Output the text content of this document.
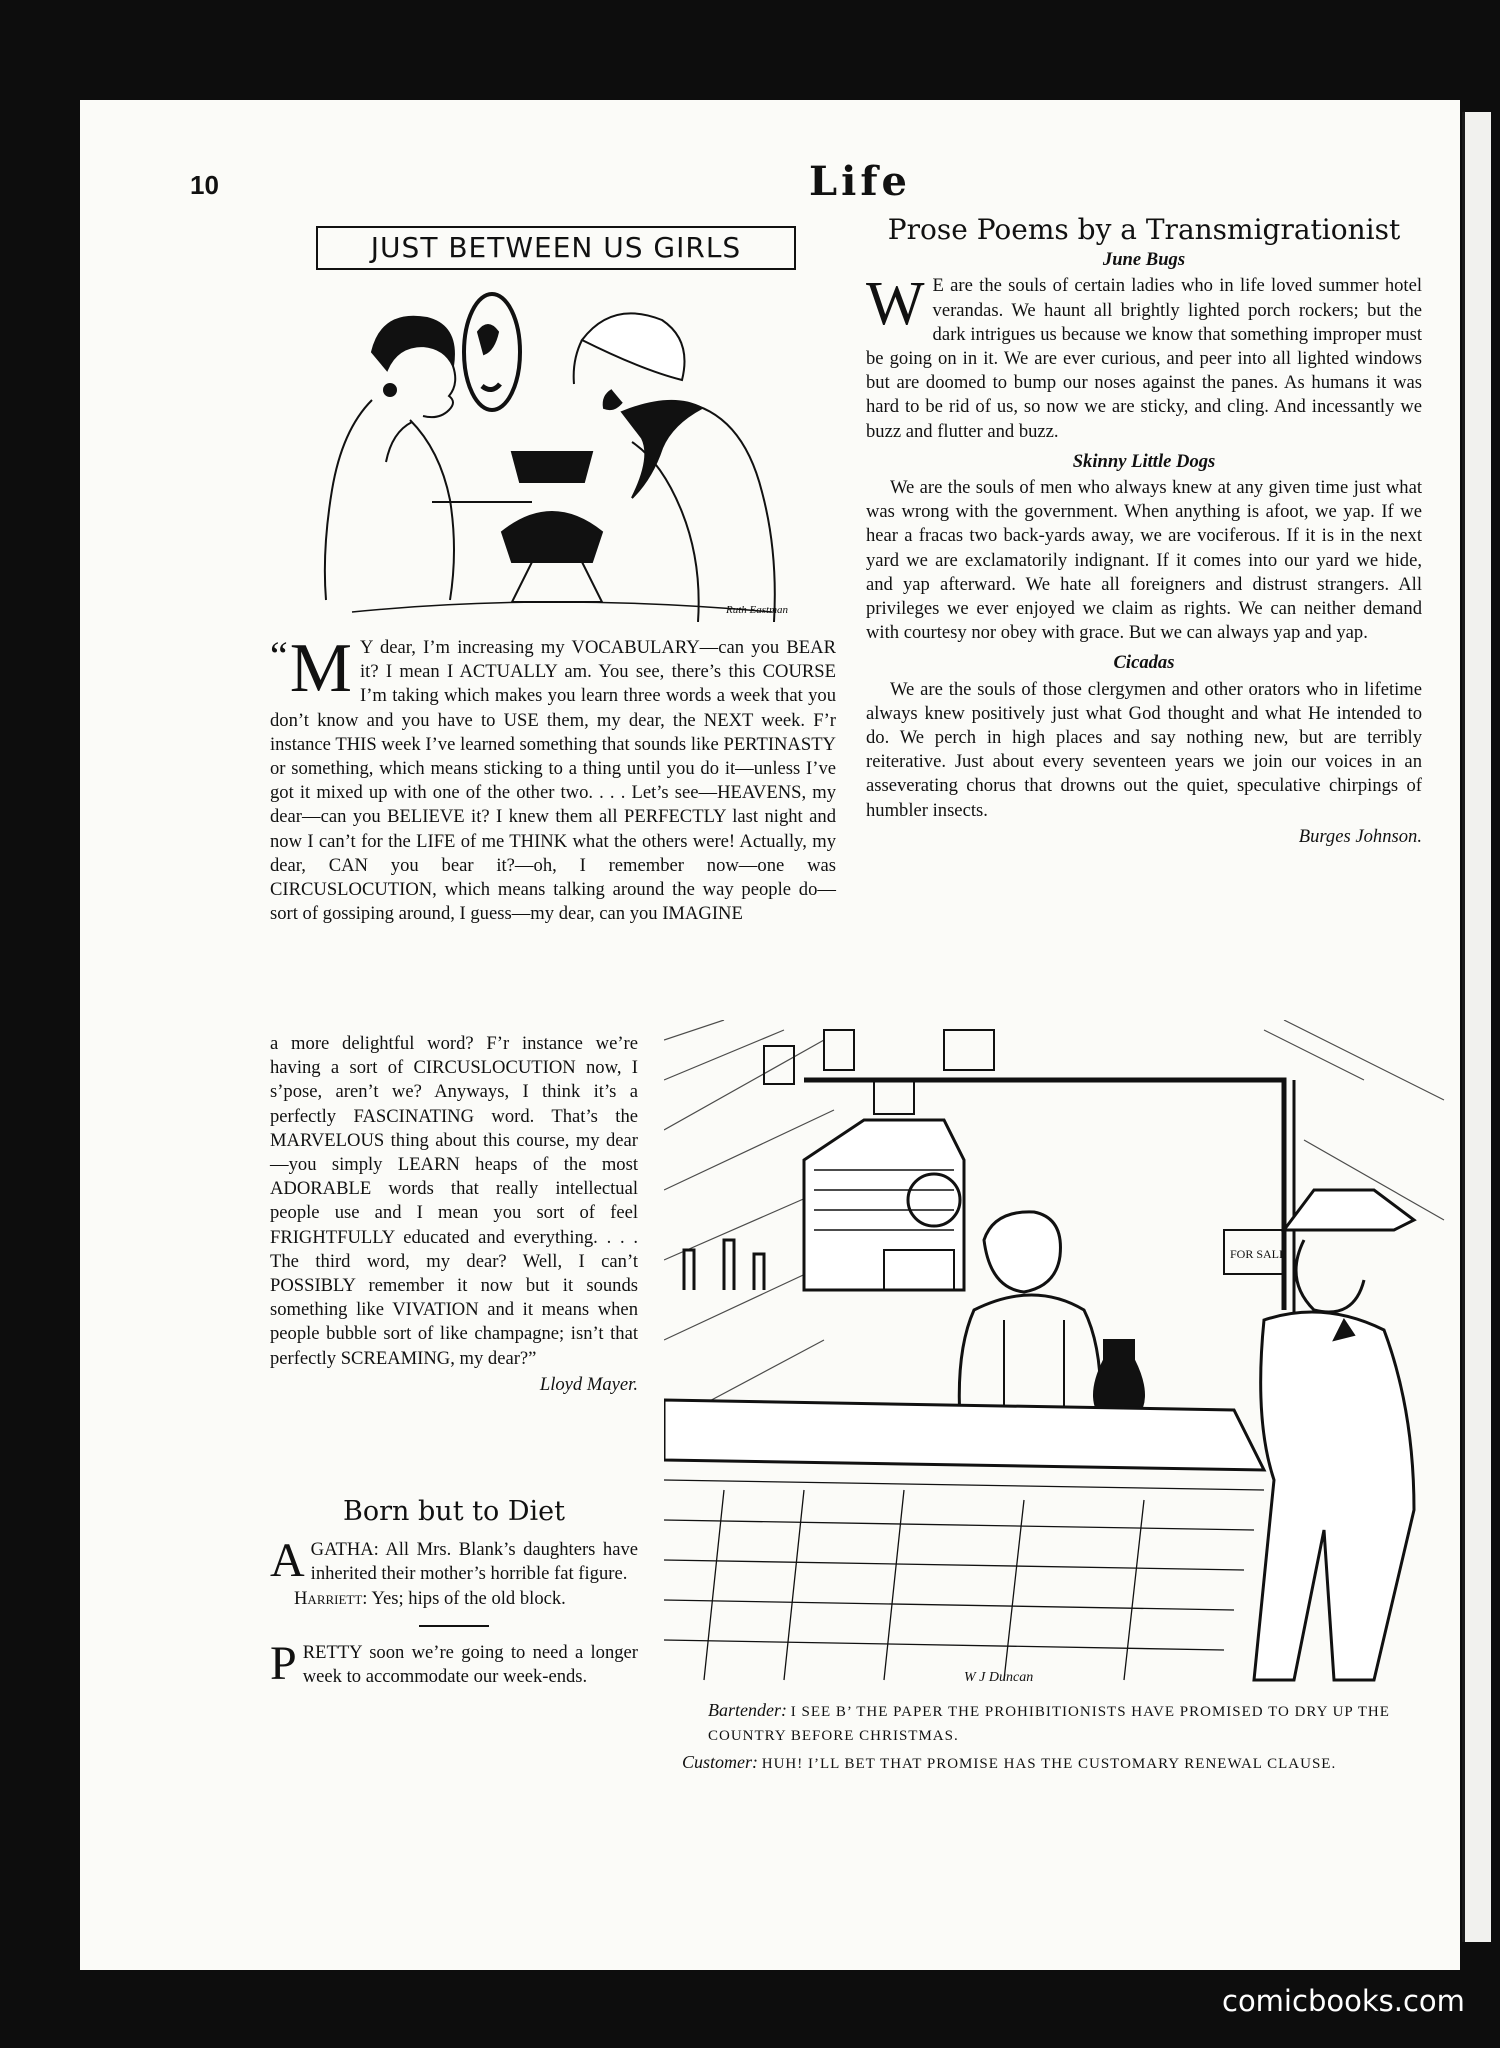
10	Life
JUST BETWEEN US GIRLS
Ruth Eastman

“ M Y dear, I’m increasing my VOCABULARY—can you BEAR it? I mean I ACTUALLY am. You see, there’s this COURSE I’m taking which makes you learn three words a week that you don’t know and you have to USE them, my dear, the NEXT week. F’r instance THIS week I’ve learned something that sounds like PERTINASTY or something, which means sticking to a thing until you do it—unless I’ve got it mixed up with one of the other two. . . . Let’s see—HEAVENS, my dear—can you BELIEVE it? I knew them all PERFECTLY last night and now I can’t for the LIFE of me THINK what the others were! Actually, my dear, CAN you bear it?—oh, I remember now—one was CIRCUSLOCUTION, which means talking around the way people do—sort of gossiping around, I guess—my dear, can you IMAGINE

a more delightful word? F’r instance we’re having a sort of CIRCUSLOCUTION now, I s’pose, aren’t we? Anyways, I think it’s a perfectly FASCINATING word. That’s the MARVELOUS thing about this course, my dear—you simply LEARN heaps of the most ADORABLE words that really intellectual people use and I mean you sort of feel FRIGHTFULLY educated and everything. . . . The third word, my dear? Well, I can’t POSSIBLY remember it now but it sounds something like VIVATION and it means when people bubble sort of like champagne; isn’t that perfectly SCREAMING, my dear?”

Lloyd Mayer.
Born but to Diet

AGATHA: All Mrs. Blank’s daughters have inherited their mother’s horrible fat figure.

Harriett: Yes; hips of the old block.

PRETTY soon we’re going to need a longer week to accommodate our week-ends.

Prose Poems by a Transmigrationist
June Bugs

W E are the souls of certain ladies who in life loved summer hotel verandas. We haunt all brightly lighted porch rockers; but the dark intrigues us because we know that something improper must be going on in it. We are ever curious, and peer into all lighted windows but are doomed to bump our noses against the panes. As humans it was hard to be rid of us, so now we are sticky, and cling. And incessantly we buzz and flutter and buzz.

Skinny Little Dogs

We are the souls of men who always knew at any given time just what was wrong with the government. When anything is afoot, we yap. If we hear a fracas two back-yards away, we are vociferous. If it is in the next yard we are exclamatorily indignant. If it comes into our yard we hide, and yap afterward. We hate all foreigners and distrust strangers. All privileges we ever enjoyed we claim as rights. We can neither demand with courtesy nor obey with grace. But we can always yap and yap.

Cicadas

We are the souls of those clergymen and other orators who in lifetime always knew positively just what God thought and what He intended to do. We perch in high places and say nothing new, but are terribly reiterative. Just about every seventeen years we join our voices in an asseverating chorus that drowns out the quiet, speculative chirpings of humbler insects.

Burges Johnson.
FOR SALE
W J Duncan
Bartender: I SEE B’ THE PAPER THE PROHIBITIONISTS HAVE PROMISED TO DRY UP THE COUNTRY BEFORE CHRISTMAS.
Customer: HUH! I’LL BET THAT PROMISE HAS THE CUSTOMARY RENEWAL CLAUSE.
comicbooks.com
